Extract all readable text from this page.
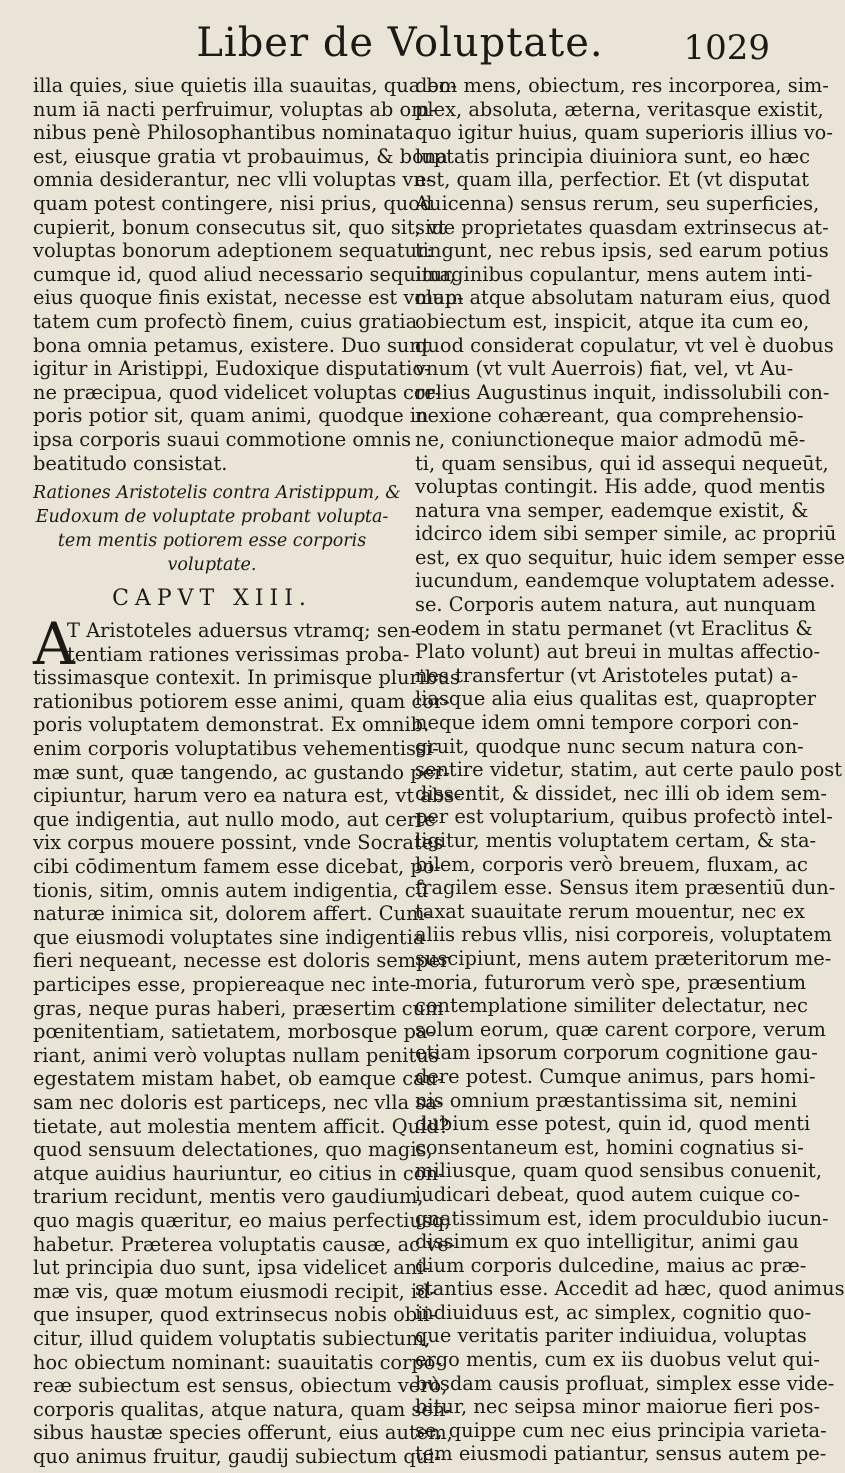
Liber de Voluptate.	1029
illa quies, siue quietis illa suauitas, qua bo-
num iā nacti perfruimur, voluptas ab om-
nibus penè Philosophantibus nominata
est, eiusque gratia vt probauimus, & bona
omnia desiderantur, nec vlli voluptas vn-
quam potest contingere, nisi prius, quod
cupierit, bonum consecutus sit, quo sit, vt
voluptas bonorum adeptionem sequatur:
cumque id, quod aliud necessario sequitur,
eius quoque finis existat, necesse est volup-
tatem cum profectò finem, cuius gratia
bona omnia petamus, existere. Duo sunt
igitur in Aristippi, Eudoxique disputatio-
ne præcipua, quod videlicet voluptas cor-
poris potior sit, quam animi, quodque in
ipsa corporis suaui commotione omnis
beatitudo consistat.
Rationes Aristotelis contra Aristippum, &
Eudoxum de voluptate probant volupta-
tem mentis potiorem esse corporis
voluptate.
CAPVT XIII.
A
T Aristoteles aduersus vtramq; sen-
tentiam rationes verissimas proba-
tissimasque contexit. In primisque pluribus
rationibus potiorem esse animi, quam cor-
poris voluptatem demonstrat. Ex omnib.
enim corporis voluptatibus vehementissi-
mæ sunt, quæ tangendo, ac gustando per-
cipiuntur, harum vero ea natura est, vt abs-
que indigentia, aut nullo modo, aut certe
vix corpus mouere possint, vnde Socrates
cibi cōdimentum famem esse dicebat, po-
tionis, sitim, omnis autem indigentia, cū
naturæ inimica sit, dolorem affert. Cum-
que eiusmodi voluptates sine indigentia
fieri nequeant, necesse est doloris semper
participes esse, propiereaque nec inte-
gras, neque puras haberi, præsertim cum
pœnitentiam, satietatem, morbosque pa-
riant, animi verò voluptas nullam penitus
egestatem mistam habet, ob eamque cau-
sam nec doloris est particeps, nec vlla sa-
tietate, aut molestia mentem afficit. Quid?
quod sensuum delectationes, quo magis,
atque auidius hauriuntur, eo citius in con-
trarium recidunt, mentis vero gaudium,
quo magis quæritur, eo maius perfectiusq;
habetur. Præterea voluptatis causæ, ac ve-
lut principia duo sunt, ipsa videlicet ani-
mæ vis, quæ motum eiusmodi recipit, id-
que insuper, quod extrinsecus nobis obii-
citur, illud quidem voluptatis subiectum,
hoc obiectum nominant: suauitatis corpo-
reæ subiectum est sensus, obiectum verò,
corporis qualitas, atque natura, quam sen-
sibus haustæ species offerunt, eius autem,
quo animus fruitur, gaudij subiectum qui-
dem mens, obiectum, res incorporea, sim-
plex, absoluta, æterna, veritasque existit,
quo igitur huius, quam superioris illius vo-
luptatis principia diuiniora sunt, eo hæc
est, quam illa, perfectior. Et (vt disputat
Auicenna) sensus rerum, seu superficies,
siue proprietates quasdam extrinsecus at-
tingunt, nec rebus ipsis, sed earum potius
imaginibus copulantur, mens autem inti-
mam atque absolutam naturam eius, quod
obiectum est, inspicit, atque ita cum eo,
quod considerat copulatur, vt vel è duobus
vnum (vt vult Auerrois) fiat, vel, vt Au-
relius Augustinus inquit, indissolubili con-
nexione cohæreant, qua comprehensio-
ne, coniunctioneque maior admodū mē-
ti, quam sensibus, qui id assequi nequeūt,
voluptas contingit. His adde, quod mentis
natura vna semper, eademque existit, &
idcirco idem sibi semper simile, ac propriū
est, ex quo sequitur, huic idem semper esse
iucundum, eandemque voluptatem adesse.
se. Corporis autem natura, aut nunquam
eodem in statu permanet (vt Eraclitus &
Plato volunt) aut breui in multas affectio-
nes transfertur (vt Aristoteles putat) a-
liasque alia eius qualitas est, quapropter
neque idem omni tempore corpori con-
gruit, quodque nunc secum natura con-
sentire videtur, statim, aut certe paulo post
dissentit, & dissidet, nec illi ob idem sem-
per est voluptarium, quibus profectò intel-
ligitur, mentis voluptatem certam, & sta-
bilem, corporis verò breuem, fluxam, ac
fragilem esse. Sensus item præsentiū dun-
taxat suauitate rerum mouentur, nec ex
aliis rebus vllis, nisi corporeis, voluptatem
suscipiunt, mens autem præteritorum me-
moria, futurorum verò spe, præsentium
contemplatione similiter delectatur, nec
solum eorum, quæ carent corpore, verum
etiam ipsorum corporum cognitione gau-
dere potest. Cumque animus, pars homi-
nis omnium præstantissima sit, nemini
dubium esse potest, quin id, quod menti
consentaneum est, homini cognatius si-
miliusque, quam quod sensibus conuenit,
iudicari debeat, quod autem cuique co-
gnatissimum est, idem proculdubio iucun-
dissimum ex quo intelligitur, animi gau
dium corporis dulcedine, maius ac præ-
stantius esse. Accedit ad hæc, quod animus
indiuiduus est, ac simplex, cognitio quo-
que veritatis pariter indiuidua, voluptas
ergo mentis, cum ex iis duobus velut qui-
busdam causis profluat, simplex esse vide-
bitur, nec seipsa minor maiorue fieri pos-
se, quippe cum nec eius principia varieta-
tem eiusmodi patiantur, sensus autem pe-
